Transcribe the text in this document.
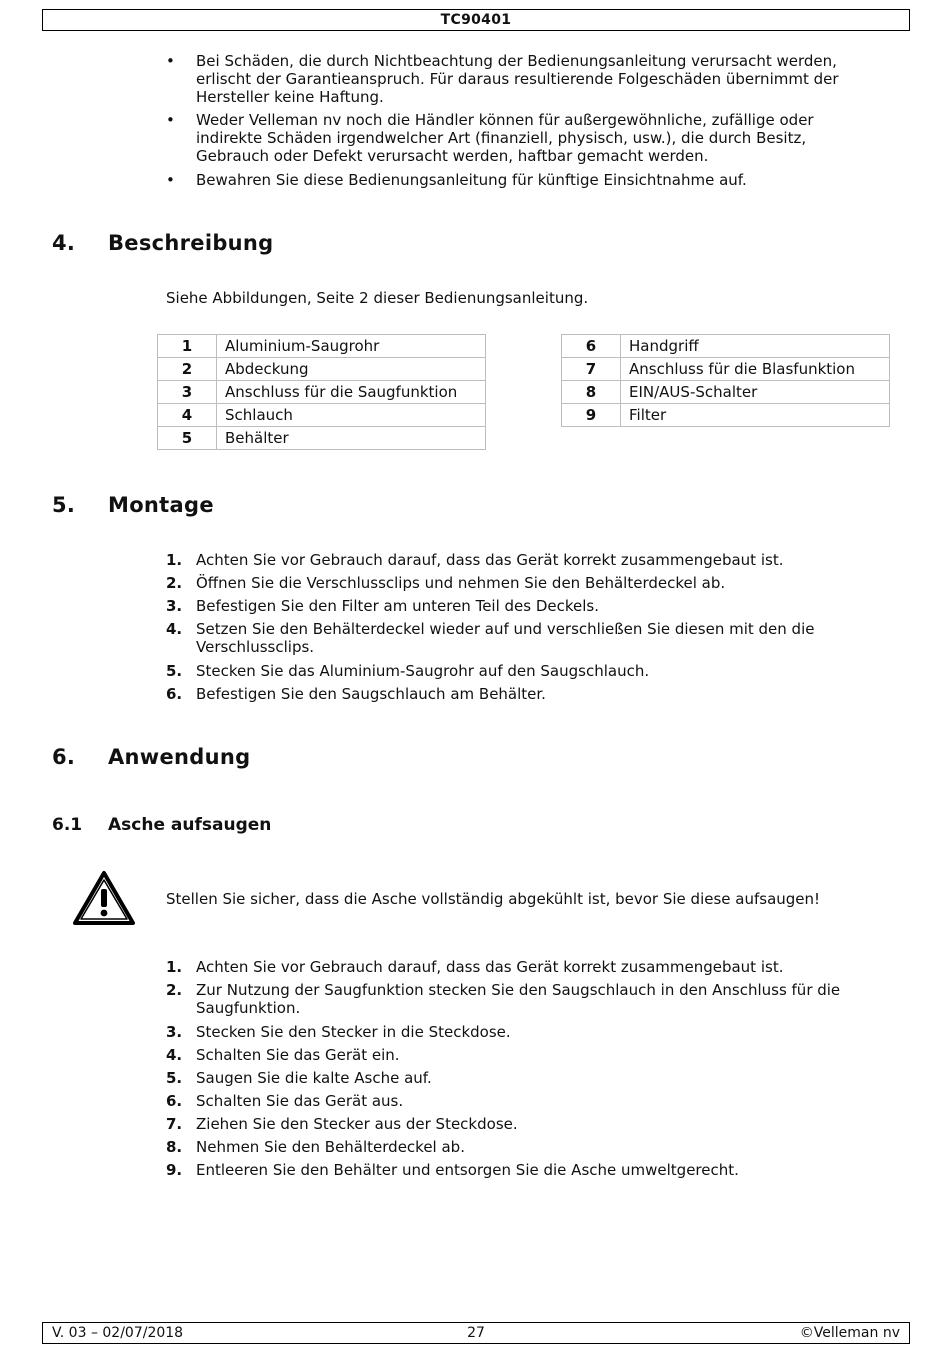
TC90401
• Bei Schäden, die durch Nichtbeachtung der Bedienungsanleitung verursacht werden, erlischt der Garantieanspruch. Für daraus resultierende Folgeschäden übernimmt der Hersteller keine Haftung.
• Weder Velleman nv noch die Händler können für außergewöhnliche, zufällige oder indirekte Schäden irgendwelcher Art (finanziell, physisch, usw.), die durch Besitz, Gebrauch oder Defekt verursacht werden, haftbar gemacht werden.
• Bewahren Sie diese Bedienungsanleitung für künftige Einsichtnahme auf.
4. Beschreibung
Siehe Abbildungen, Seite 2 dieser Bedienungsanleitung.
1	Aluminium-Saugrohr
2	Abdeckung
3	Anschluss für die Saugfunktion
4	Schlauch
5	Behälter
6	Handgriff
7	Anschluss für die Blasfunktion
8	EIN/AUS-Schalter
9	Filter
5. Montage
1. Achten Sie vor Gebrauch darauf, dass das Gerät korrekt zusammengebaut ist.
2. Öffnen Sie die Verschlussclips und nehmen Sie den Behälterdeckel ab.
3. Befestigen Sie den Filter am unteren Teil des Deckels.
4. Setzen Sie den Behälterdeckel wieder auf und verschließen Sie diesen mit den die Verschlussclips.
5. Stecken Sie das Aluminium-Saugrohr auf den Saugschlauch.
6. Befestigen Sie den Saugschlauch am Behälter.
6. Anwendung
6.1 Asche aufsaugen
Stellen Sie sicher, dass die Asche vollständig abgekühlt ist, bevor Sie diese aufsaugen!
1. Achten Sie vor Gebrauch darauf, dass das Gerät korrekt zusammengebaut ist.
2. Zur Nutzung der Saugfunktion stecken Sie den Saugschlauch in den Anschluss für die Saugfunktion.
3. Stecken Sie den Stecker in die Steckdose.
4. Schalten Sie das Gerät ein.
5. Saugen Sie die kalte Asche auf.
6. Schalten Sie das Gerät aus.
7. Ziehen Sie den Stecker aus der Steckdose.
8. Nehmen Sie den Behälterdeckel ab.
9. Entleeren Sie den Behälter und entsorgen Sie die Asche umweltgerecht.
V. 03 – 02/07/2018	27	©Velleman nv
